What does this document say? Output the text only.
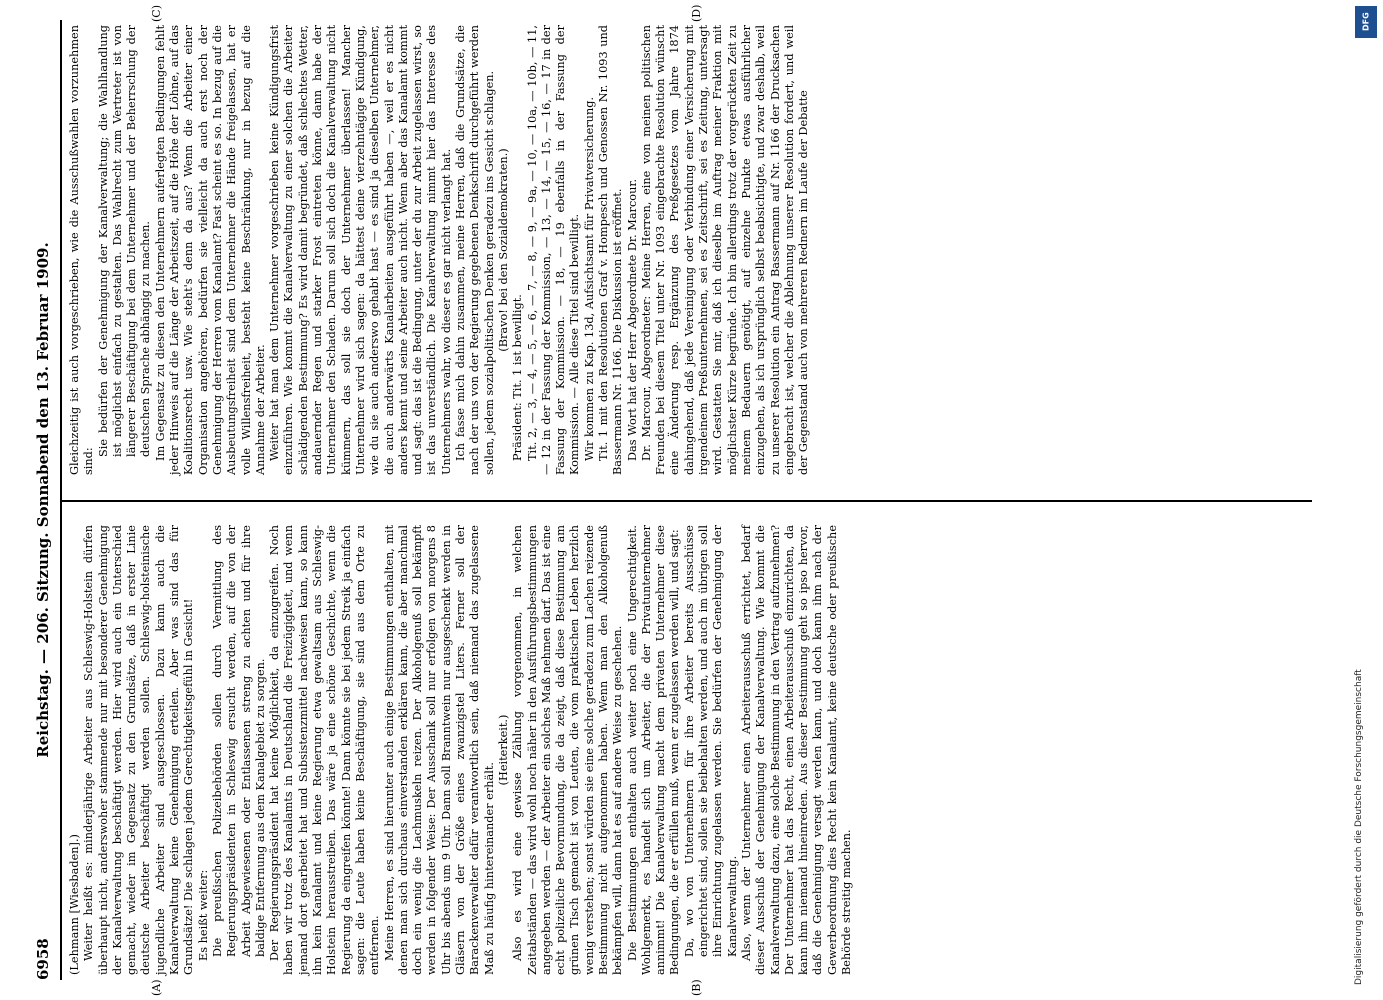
6958
Reichstag. — 206. Sitzung. Sonnabend den 13. Februar 1909.
(A)	(B)
(C)	(D)

(Lehmann [Wiesbaden].) Weiter heißt es: minderjährige Arbeiter aus Schleswig-Holstein dürfen überhaupt nicht, anderswoher stammende nur mit besonderer Genehmigung der Kanalverwaltung beschäftigt werden. Hier wird auch ein Unterschied gemacht, wieder im Gegensatz zu den Grundsätze, daß in erster Linie deutsche Arbeiter beschäftigt werden sollen. Schleswig-holsteinische jugendliche Arbeiter sind ausgeschlossen. Dazu kann auch die Kanalverwaltung keine Genehmigung erteilen. Aber was sind das für Grundsätze! Die schlagen jedem Gerechtigkeitsgefühl in Gesicht! Es heißt weiter: Die preußischen Polizeibehörden sollen durch Vermittlung des Regierungspräsidenten in Schleswig ersucht werden, auf die von der Arbeit Abgewiesenen oder Entlassenen streng zu achten und für ihre baldige Entfernung aus dem Kanalgebiet zu sorgen. Der Regierungspräsident hat keine Möglichkeit, da einzugreifen. Noch haben wir trotz des Kanalamts in Deutschland die Freizügigkeit, und wenn jemand dort gearbeitet hat und Subsistenzmittel nachweisen kann, so kann ihn kein Kanalamt und keine Regierung etwa gewaltsam aus Schleswig-Holstein herausstreiben. Das wäre ja eine schöne Geschichte, wenn die Regierung da eingreifen könnte! Dann könnte sie bei jedem Streik ja einfach sagen: die Leute haben keine Beschäftigung, sie sind aus dem Orte zu entfernen. Meine Herren, es sind hierunter auch einige Bestimmungen enthalten, mit denen man sich durchaus einverstanden erklären kann, die aber manchmal doch ein wenig die Lachmuskeln reizen. Der Alkoholgenuß soll bekämpft werden in folgender Weise: Der Ausschank soll nur erfolgen von morgens 8 Uhr bis abends um 9 Uhr. Dann soll Branntwein nur ausgeschenkt werden in Gläsern von der Größe eines zwanzigstel Liters. Ferner soll der Barackenverwalter dafür verantwortlich sein, daß niemand das zugelassene Maß zu häufig hintereinander erhält.

(Heiterkeit.) Also es wird eine gewisse Zählung vorgenommen, in welchen Zeitabständen — das wird wohl noch näher in den Ausführungsbestimmungen angegeben werden — der Arbeiter ein solches Maß nehmen darf. Das ist eine echt polizeiliche Bevormundung, die da zeigt, daß diese Bestimmung am grünen Tisch gemacht ist von Leuten, die vom praktischen Leben herzlich wenig verstehen; sonst würden sie eine solche geradezu zum Lachen reizende Bestimmung nicht aufgenommen haben. Wenn man den Alkoholgenuß bekämpfen will, dann hat es auf andere Weise zu geschehen. Die Bestimmungen enthalten auch weiter noch eine Ungerechtigkeit. Wohlgemerkt, es handelt sich um Arbeiter, die der Privatunternehmer annimmt! Die Kanalverwaltung macht dem privaten Unternehmer diese Bedingungen, die er erfüllen muß, wenn er zugelassen werden will, und sagt: Da, wo von Unternehmern für ihre Arbeiter bereits Ausschüsse eingerichtet sind, sollen sie beibehalten werden, und auch im übrigen soll ihre Einrichtung zugelassen werden. Sie bedürfen der Genehmigung der Kanalverwaltung. Also, wenn der Unternehmer einen Arbeiterausschuß errichtet, bedarf dieser Ausschuß der Genehmigung der Kanalverwaltung. Wie kommt die Kanalverwaltung dazu, eine solche Bestimmung in den Vertrag aufzunehmen? Der Unternehmer hat das Recht, einen Arbeiterausschuß einzurichten, da kann ihm niemand hineinreden. Aus dieser Bestimmung geht so ipso hervor, daß die Genehmigung versagt werden kann, und doch kann ihm nach der Gewerbeordnung dies Recht kein Kanalamt, keine deutsche oder preußische Behörde streitig machen.

Gleichzeitig ist auch vorgeschrieben, wie die Ausschußwahlen vorzunehmen sind:

Sie bedürfen der Genehmigung der Kanalverwaltung; die Wahlhandlung ist möglichst einfach zu gestalten. Das Wahlrecht zum Vertreter ist von längerer Beschäftigung bei dem Unternehmer und der Beherrschung der deutschen Sprache abhängig zu machen. Im Gegensatz zu diesen den Unternehmern auferlegten Bedingungen fehlt jeder Hinweis auf die Länge der Arbeitszeit, auf die Höhe der Löhne, auf das Koalitionsrecht usw. Wie steht's denn da aus? Wenn die Arbeiter einer Organisation angehören, bedürfen sie vielleicht da auch erst noch der Genehmigung der Herren vom Kanalamt? Fast scheint es so. In bezug auf die Ausbeutungsfreiheit sind dem Unternehmer die Hände freigelassen, hat er volle Willensfreiheit, besteht keine Beschränkung, nur in bezug auf die Annahme der Arbeiter. Weiter hat man dem Unternehmer vorgeschrieben keine Kündigungsfrist einzuführen. Wie kommt die Kanalverwaltung zu einer solchen die Arbeiter schädigenden Bestimmung? Es wird damit begründet, daß schlechtes Wetter, andauernder Regen und starker Frost eintreten könne, dann habe der Unternehmer den Schaden. Darum soll sich doch die Kanalverwaltung nicht kümmern, das soll sie doch der Unternehmer überlassen! Mancher Unternehmer wird sich sagen: da hättest deine vierzehntägige Kündigung, wie du sie auch anderswo gehabt hast — es sind ja dieselben Unternehmer, die auch anderwärts Kanalarbeiten ausgeführt haben —, weil er es nicht anders kennt und seine Arbeiter auch nicht. Wenn aber das Kanalamt kommt und sagt: das ist die Bedingung, unter der du zur Arbeit zugelassen wirst, so ist das unverständlich. Die Kanalverwaltung nimmt hier das Interesse des Unternehmers wahr, wo dieser es gar nicht verlangt hat. Ich fasse mich dahin zusammen, meine Herren, daß die Grundsätze, die nach der uns von der Regierung gegebenen Denkschrift durchgeführt werden sollen, jedem sozialpolitischen Denken geradezu ins Gesicht schlagen. (Bravo! bei den Sozialdemokraten.)

Präsident: Tit. 1 ist bewilligt. Tit. 2, — 3, — 4, — 5, — 6, — 7, — 8, — 9, — 9a, — 10, — 10a, — 10b, — 11, — 12 in der Fassung der Kommission, — 13, — 14, — 15, — 16, — 17 in der Fassung der Kommission. — 18, — 19 ebenfalls in der Fassung der Kommission. — Alle diese Titel sind bewilligt. Wir kommen zu Kap. 13d, Aufsichtsamt für Privatversicherung. Tit. 1 mit den Resolutionen Graf v. Hompesch und Genossen Nr. 1093 und Bassermann Nr. 1166. Die Diskussion ist eröffnet. Das Wort hat der Herr Abgeordnete Dr. Marcour. Dr. Marcour, Abgeordneter: Meine Herren, eine von meinen politischen Freunden bei diesem Titel unter Nr. 1093 eingebrachte Resolution wünscht eine Änderung resp. Ergänzung des Preßgesetzes vom Jahre 1874 dahingehend, daß jede Vereinigung oder Verbindung einer Versicherung mit irgendeinem Preßunternehmen, sei es Zeitschrift, sei es Zeitung, untersagt wird. Gestatten Sie mir, daß ich dieselbe im Auftrag meiner Fraktion mit möglichster Kürze begründe. Ich bin allerdings trotz der vorgerückten Zeit zu meinem Bedauern genötigt, auf einzelne Punkte etwas ausführlicher einzugehen, als ich ursprünglich selbst beabsichtigte, und zwar deshalb, weil zu unserer Resolution ein Antrag Bassermann auf Nr. 1166 der Drucksachen eingebracht ist, welcher die Ablehnung unserer Resolution fordert, und weil der Gegenstand auch von mehreren Rednern im Laufe der Debatte

DFG
Digitalisierung gefördert durch die Deutsche Forschungsgemeinschaft
